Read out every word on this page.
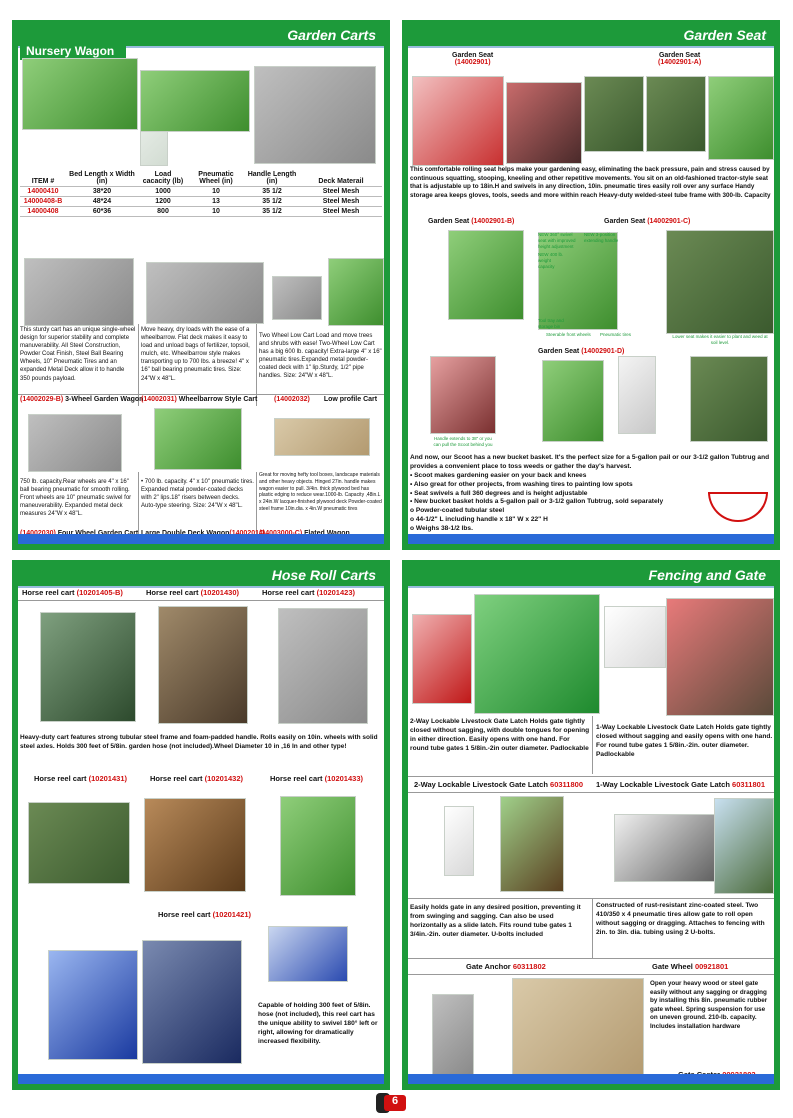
Garden Carts
Nursery Wagon
ITEM #	Bed Length x Width (in)	Load cacacity (lb)	Pneumatic Wheel (in)	Handle Length (in)	Deck Materail
14000410	38*20	1000	10	35 1/2	Steel Mesh
14000408-B	48*24	1200	13	35 1/2	Steel Mesh
14000408	60*36	800	10	35 1/2	Steel Mesh
This sturdy cart has an unique single-wheel design for superior stability and complete manuverability. All Steel Construction, Powder Coat Finish, Steel Ball Bearing Wheels, 10" Pneumatic Tires and an expanded Metal Deck allow it to handle 350 pounds payload.
Move heavy, dry loads with the ease of a wheelbarrow. Flat deck makes it easy to load and unload bags of fertilizer, topsoil, mulch, etc. Wheelbarrow style makes transporting up to 700 lbs. a breeze! 4" x 16" ball bearing pneumatic tires. Size: 24"W x 48"L.
Two Wheel Low Cart Load and move trees and shrubs with ease! Two-Wheel Low Cart has a big 600 lb. capacity! Extra-large 4" x 16" pneumatic tires.Expanded metal powder-coated deck with 1" lip.Sturdy, 1/2" pipe handles. Size: 24"W x 48"L.
(14002029-B) 3-Wheel Garden Wagon
(14002031) Wheelbarrow Style Cart (14002032) Low profile Cart
750 lb. capacity.Rear wheels are 4" x 16" ball bearing pneumatic for smooth rolling. Front wheels are 10" pneumatic swivel for maneuverability. Expanded metal deck measures 24"W x 48"L.
• 700 lb. capacity. 4" x 10" pneumatic tires. Expanded metal powder-coated decks with 2" lips.18" risers between decks. Auto-type steering. Size: 24"W x 48"L.
Great for moving hefty tool boxes, landscape materials and other heavy objects. Hinged 27in. handle makes wagon easier to pull. 3/4in. thick plywood bed has plastic edging to reduce wear.1000-lb. Capacity ,48in.L x 24in.W lacquer-finished plywood deck Powder-coated steel frame 10in.dia. x 4in.W pneumatic tires
Garden Seat
Garden Seat
(14002901)
Garden Seat
(14002901-A)
This comfortable rolling seat helps make your gardening easy, eliminating the back pressure, pain and stress caused by continuous squatting, stooping, kneeling and other repetitive movements. You sit on an old-fashioned tractor-style seat that is adjustable up to 18in.H and swivels in any direction, 10in. pneumatic tires easily roll over any surface Handy storage area keeps gloves, tools, seeds and more within reach Heavy-duty welded-steel tube frame with 300-lb. Capacity
Garden Seat (14002901-B)	Garden Seat (14002901-C)
NEW 360° swivel seat with improved height adjustment
NEW 3-position extending handle
NEW 400 lb. weight capacity
Tool tray and storage bin
Steerable front wheels	Pneumatic tires	Lower seat makes it easier to plant and weed at soil level.
Garden Seat (14002901-D)
Handle extends to 38" or you can pull the Scoot behind you
And now, our Scoot has a new bucket basket. It's the perfect size for a 5-gallon pail or our 3-1/2 gallon Tubtrug and provides a convenient place to toss weeds or gather the day's harvest.
• Scoot makes gardening easier on your back and knees
• Also great for other projects, from washing tires to painting low spots
• Seat swivels a full 360 degrees and is height adjustable
• New bucket basket holds a 5-gallon pail or 3-1/2 gallon Tubtrug, sold separately
o Powder-coated tubular steel
o 44-1/2" L including handle x 18" W x 22" H
o Weighs 38-1/2 lbs.
Hose Roll Carts
Horse reel cart (10201405-B)	Horse reel cart (10201430)	Horse reel cart (10201423)
Heavy-duty cart features strong tubular steel frame and foam-padded handle. Rolls easily on 10in. wheels with solid steel axles. Holds 300 feet of 5/8in. garden hose (not included).Wheel Diameter 10 in ,16 In and other type!
Horse reel cart (10201431)	Horse reel cart (10201432)	Horse reel cart (10201433)
Horse reel cart (10201421)
Capable of holding 300 feet of 5/8in. hose (not included), this reel cart has the unique ability to swivel 180° left or right, allowing for dramatically increased flexibility.
Fencing and Gate
2-Way Lockable Livestock Gate Latch Holds gate tightly closed without sagging, with double tongues for opening in either direction. Easily opens with one hand. For round tube gates 1 5/8in.-2in outer diameter. Padlockable
1-Way Lockable Livestock Gate Latch Holds gate tightly closed without sagging and easily opens with one hand. For round tube gates 1 5/8in.-2in. outer diameter. Padlockable
2-Way Lockable Livestock Gate Latch 60311800 1-Way Lockable Livestock Gate Latch 60311801
Easily holds gate in any desired position, preventing it from swinging and sagging. Can also be used horizontally as a slide latch. Fits round tube gates 1 3/4in.-2in. outer diameter. U-bolts included
Constructed of rust-resistant zinc-coated steel. Two 410/350 x 4 pneumatic tires allow gate to roll open without sagging or dragging. Attaches to fencing with 2in. to 3in. dia. tubing using 2 U-bolts.
Gate Anchor 60311802	Gate Wheel 00921801
Open your heavy wood or steel gate easily without any sagging or dragging by installing this 8in. pneumatic rubber gate wheel. Spring suspension for use on uneven ground. 210-lb. capacity. Includes installation hardware
6
